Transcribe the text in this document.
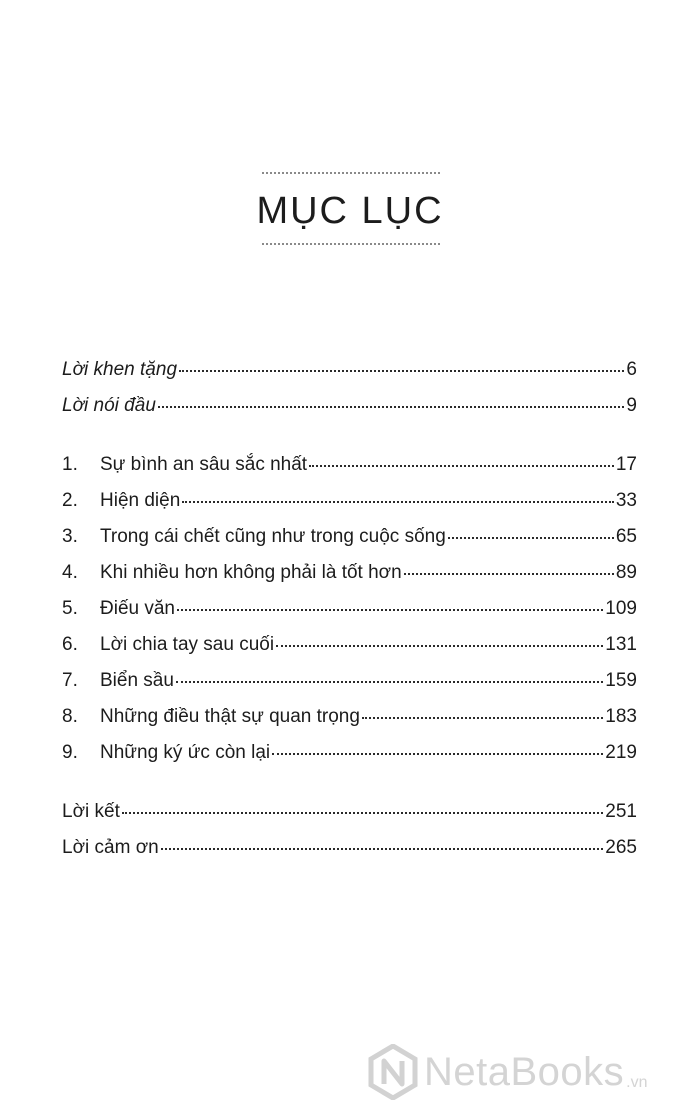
MỤC LỤC
Lời khen tặng	6
Lời nói đầu	9
1.	Sự bình an sâu sắc nhất	17
2.	Hiện diện	33
3.	Trong cái chết cũng như trong cuộc sống	65
4.	Khi nhiều hơn không phải là tốt hơn	89
5.	Điếu văn	109
6.	Lời chia tay sau cuối	131
7.	Biển sầu	159
8.	Những điều thật sự quan trọng	183
9.	Những ký ức còn lại	219
Lời kết	251
Lời cảm ơn	265
NetaBooks .vn
